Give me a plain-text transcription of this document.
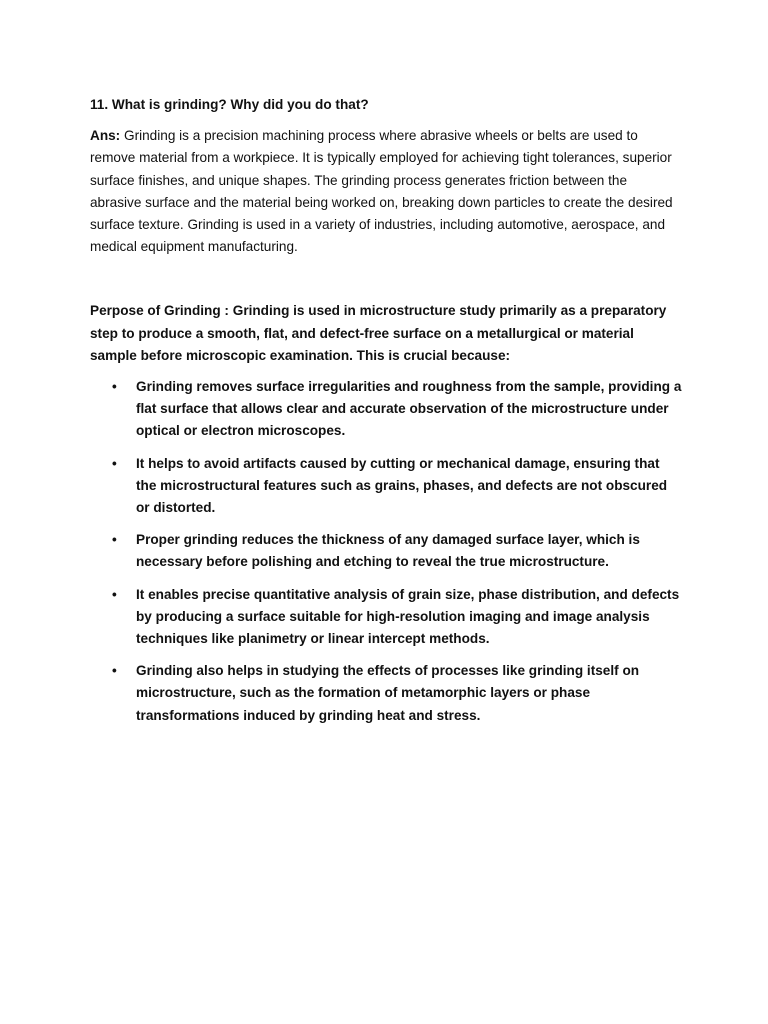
11. What is grinding? Why did you do that?

Ans: Grinding is a precision machining process where abrasive wheels or belts are used to remove material from a workpiece. It is typically employed for achieving tight tolerances, superior surface finishes, and unique shapes. The grinding process generates friction between the abrasive surface and the material being worked on, breaking down particles to create the desired surface texture. Grinding is used in a variety of industries, including automotive, aerospace, and medical equipment manufacturing.

Perpose of Grinding : Grinding is used in microstructure study primarily as a preparatory step to produce a smooth, flat, and defect-free surface on a metallurgical or material sample before microscopic examination. This is crucial because:

• Grinding removes surface irregularities and roughness from the sample, providing a flat surface that allows clear and accurate observation of the microstructure under optical or electron microscopes.
• It helps to avoid artifacts caused by cutting or mechanical damage, ensuring that the microstructural features such as grains, phases, and defects are not obscured or distorted.
• Proper grinding reduces the thickness of any damaged surface layer, which is necessary before polishing and etching to reveal the true microstructure.
• It enables precise quantitative analysis of grain size, phase distribution, and defects by producing a surface suitable for high-resolution imaging and image analysis techniques like planimetry or linear intercept methods.
• Grinding also helps in studying the effects of processes like grinding itself on microstructure, such as the formation of metamorphic layers or phase transformations induced by grinding heat and stress.
